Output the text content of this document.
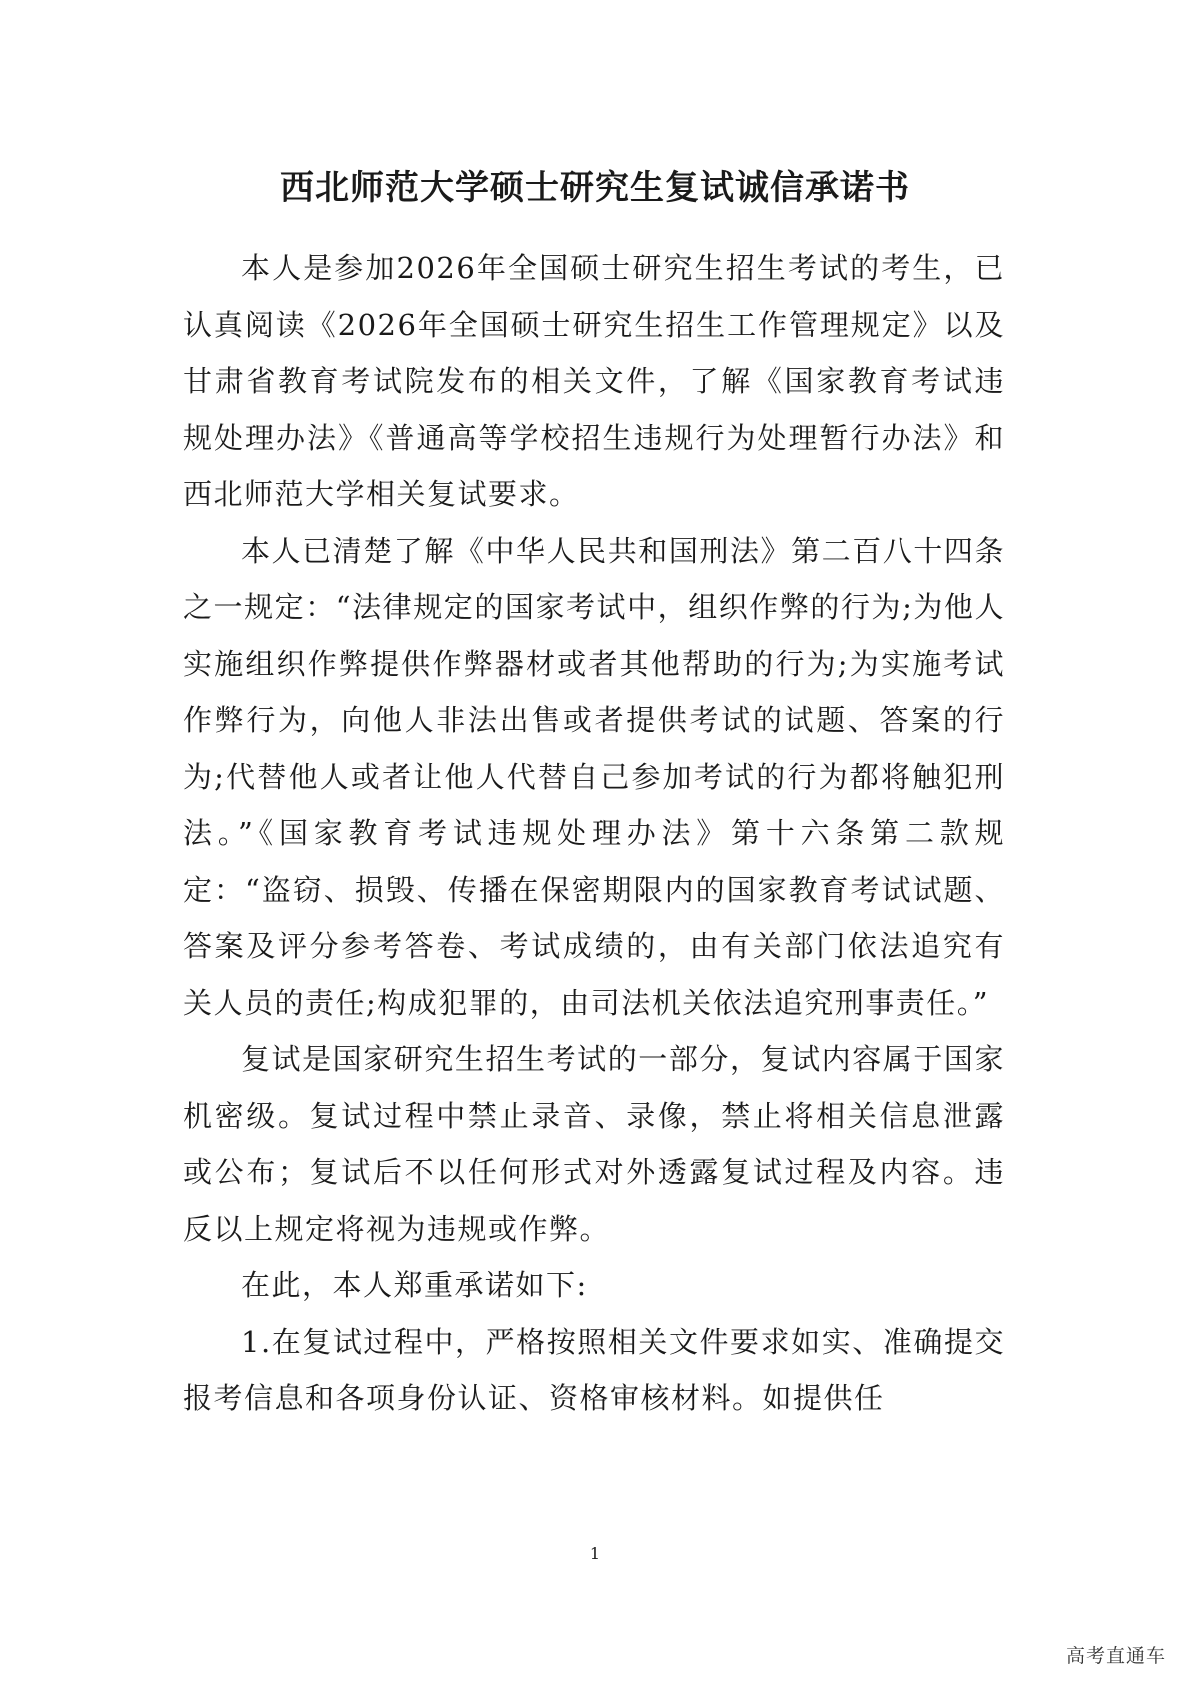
西北师范大学硕士研究生复试诚信承诺书

本人是参加2026年全国硕士研究生招生考试的考生，已认真阅读《2026年全国硕士研究生招生工作管理规定》以及甘肃省教育考试院发布的相关文件，了解《国家教育考试违规处理办法》《普通高等学校招生违规行为处理暂行办法》和西北师范大学相关复试要求。

本人已清楚了解《中华人民共和国刑法》第二百八十四条之一规定：“法律规定的国家考试中，组织作弊的行为;为他人实施组织作弊提供作弊器材或者其他帮助的行为;为实施考试作弊行为，向他人非法出售或者提供考试的试题、答案的行为;代替他人或者让他人代替自己参加考试的行为都将触犯刑法。”《国家教育考试违规处理办法》第十六条第二款规定：“盗窃、损毁、传播在保密期限内的国家教育考试试题、答案及评分参考答卷、考试成绩的，由有关部门依法追究有关人员的责任;构成犯罪的，由司法机关依法追究刑事责任。”

复试是国家研究生招生考试的一部分，复试内容属于国家机密级。复试过程中禁止录音、录像，禁止将相关信息泄露或公布；复试后不以任何形式对外透露复试过程及内容。违反以上规定将视为违规或作弊。

在此，本人郑重承诺如下:

1.在复试过程中，严格按照相关文件要求如实、准确提交报考信息和各项身份认证、资格审核材料。如提供任

1
高考直通车
